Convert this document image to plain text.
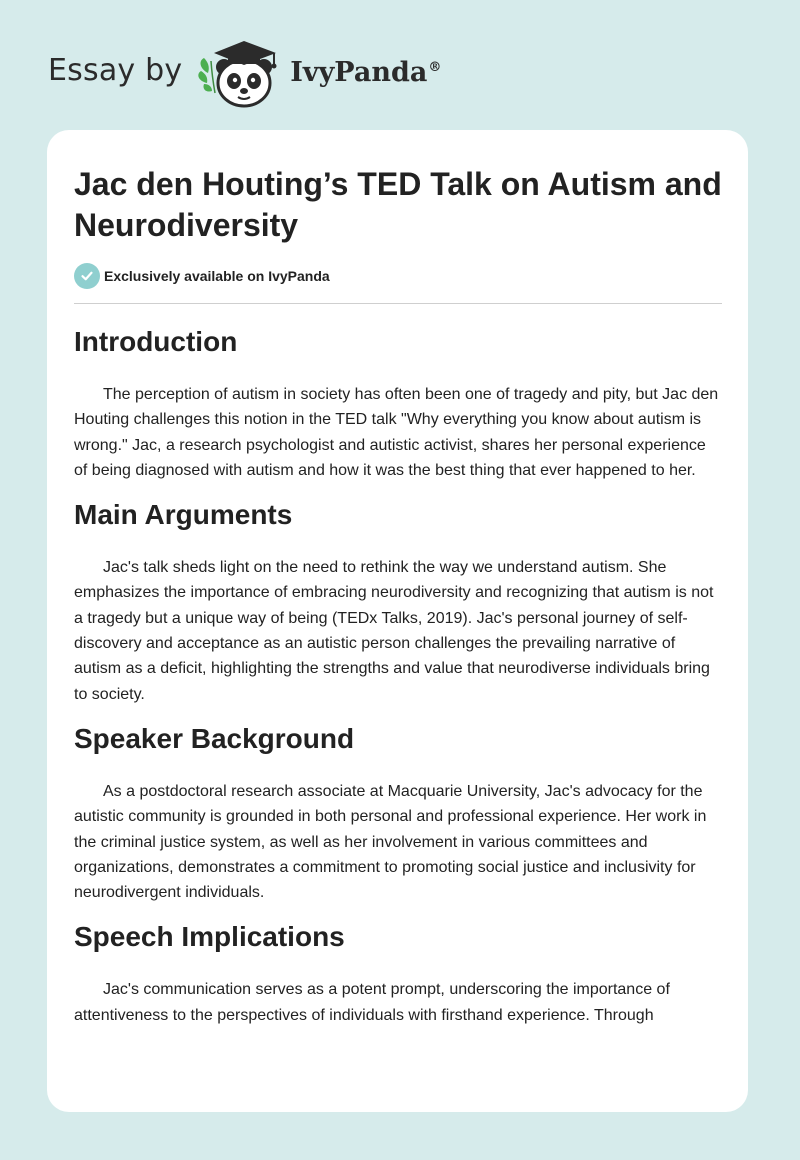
Essay by	IvyPanda®
Jac den Houting’s TED Talk on Autism and Neurodiversity
Exclusively available on IvyPanda
Introduction

The perception of autism in society has often been one of tragedy and pity, but Jac den Houting challenges this notion in the TED talk "Why everything you know about autism is wrong." Jac, a research psychologist and autistic activist, shares her personal experience of being diagnosed with autism and how it was the best thing that ever happened to her.

Main Arguments

Jac's talk sheds light on the need to rethink the way we understand autism. She emphasizes the importance of embracing neurodiversity and recognizing that autism is not a tragedy but a unique way of being (TEDx Talks, 2019). Jac's personal journey of self-discovery and acceptance as an autistic person challenges the prevailing narrative of autism as a deficit, highlighting the strengths and value that neurodiverse individuals bring to society.

Speaker Background

As a postdoctoral research associate at Macquarie University, Jac's advocacy for the autistic community is grounded in both personal and professional experience. Her work in the criminal justice system, as well as her involvement in various committees and organizations, demonstrates a commitment to promoting social justice and inclusivity for neurodivergent individuals.

Speech Implications

Jac's communication serves as a potent prompt, underscoring the importance of attentiveness to the perspectives of individuals with firsthand experience. Through
